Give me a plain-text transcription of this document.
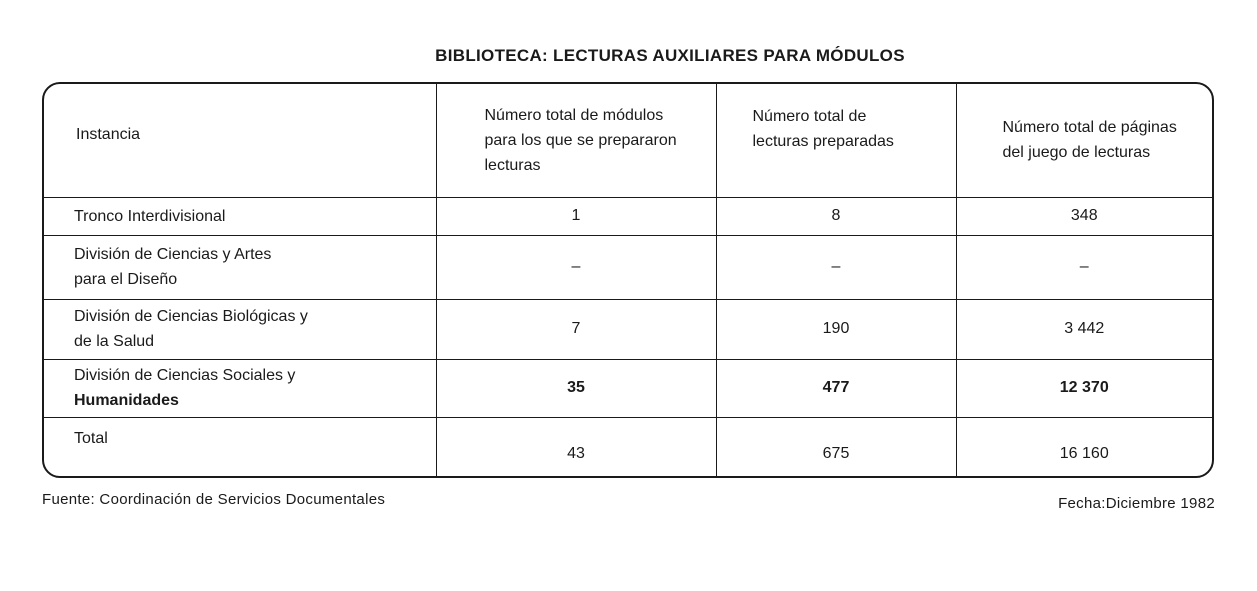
BIBLIOTECA: LECTURAS AUXILIARES PARA MÓDULOS
Instancia	Número total de módulos para los que se prepararon lecturas	Número total de lecturas preparadas	Número total de páginas del juego de lecturas

Tronco Interdivisional	1	8	348

División de Ciencias y Artes
para el Diseño	–	–	–

División de Ciencias Biológicas y
de la Salud	7	190	3 442

División de Ciencias Sociales y
Humanidades	35	477	12 370
Total	43	675	16 160
Fuente: Coordinación de Servicios Documentales	Fecha:Diciembre 1982
